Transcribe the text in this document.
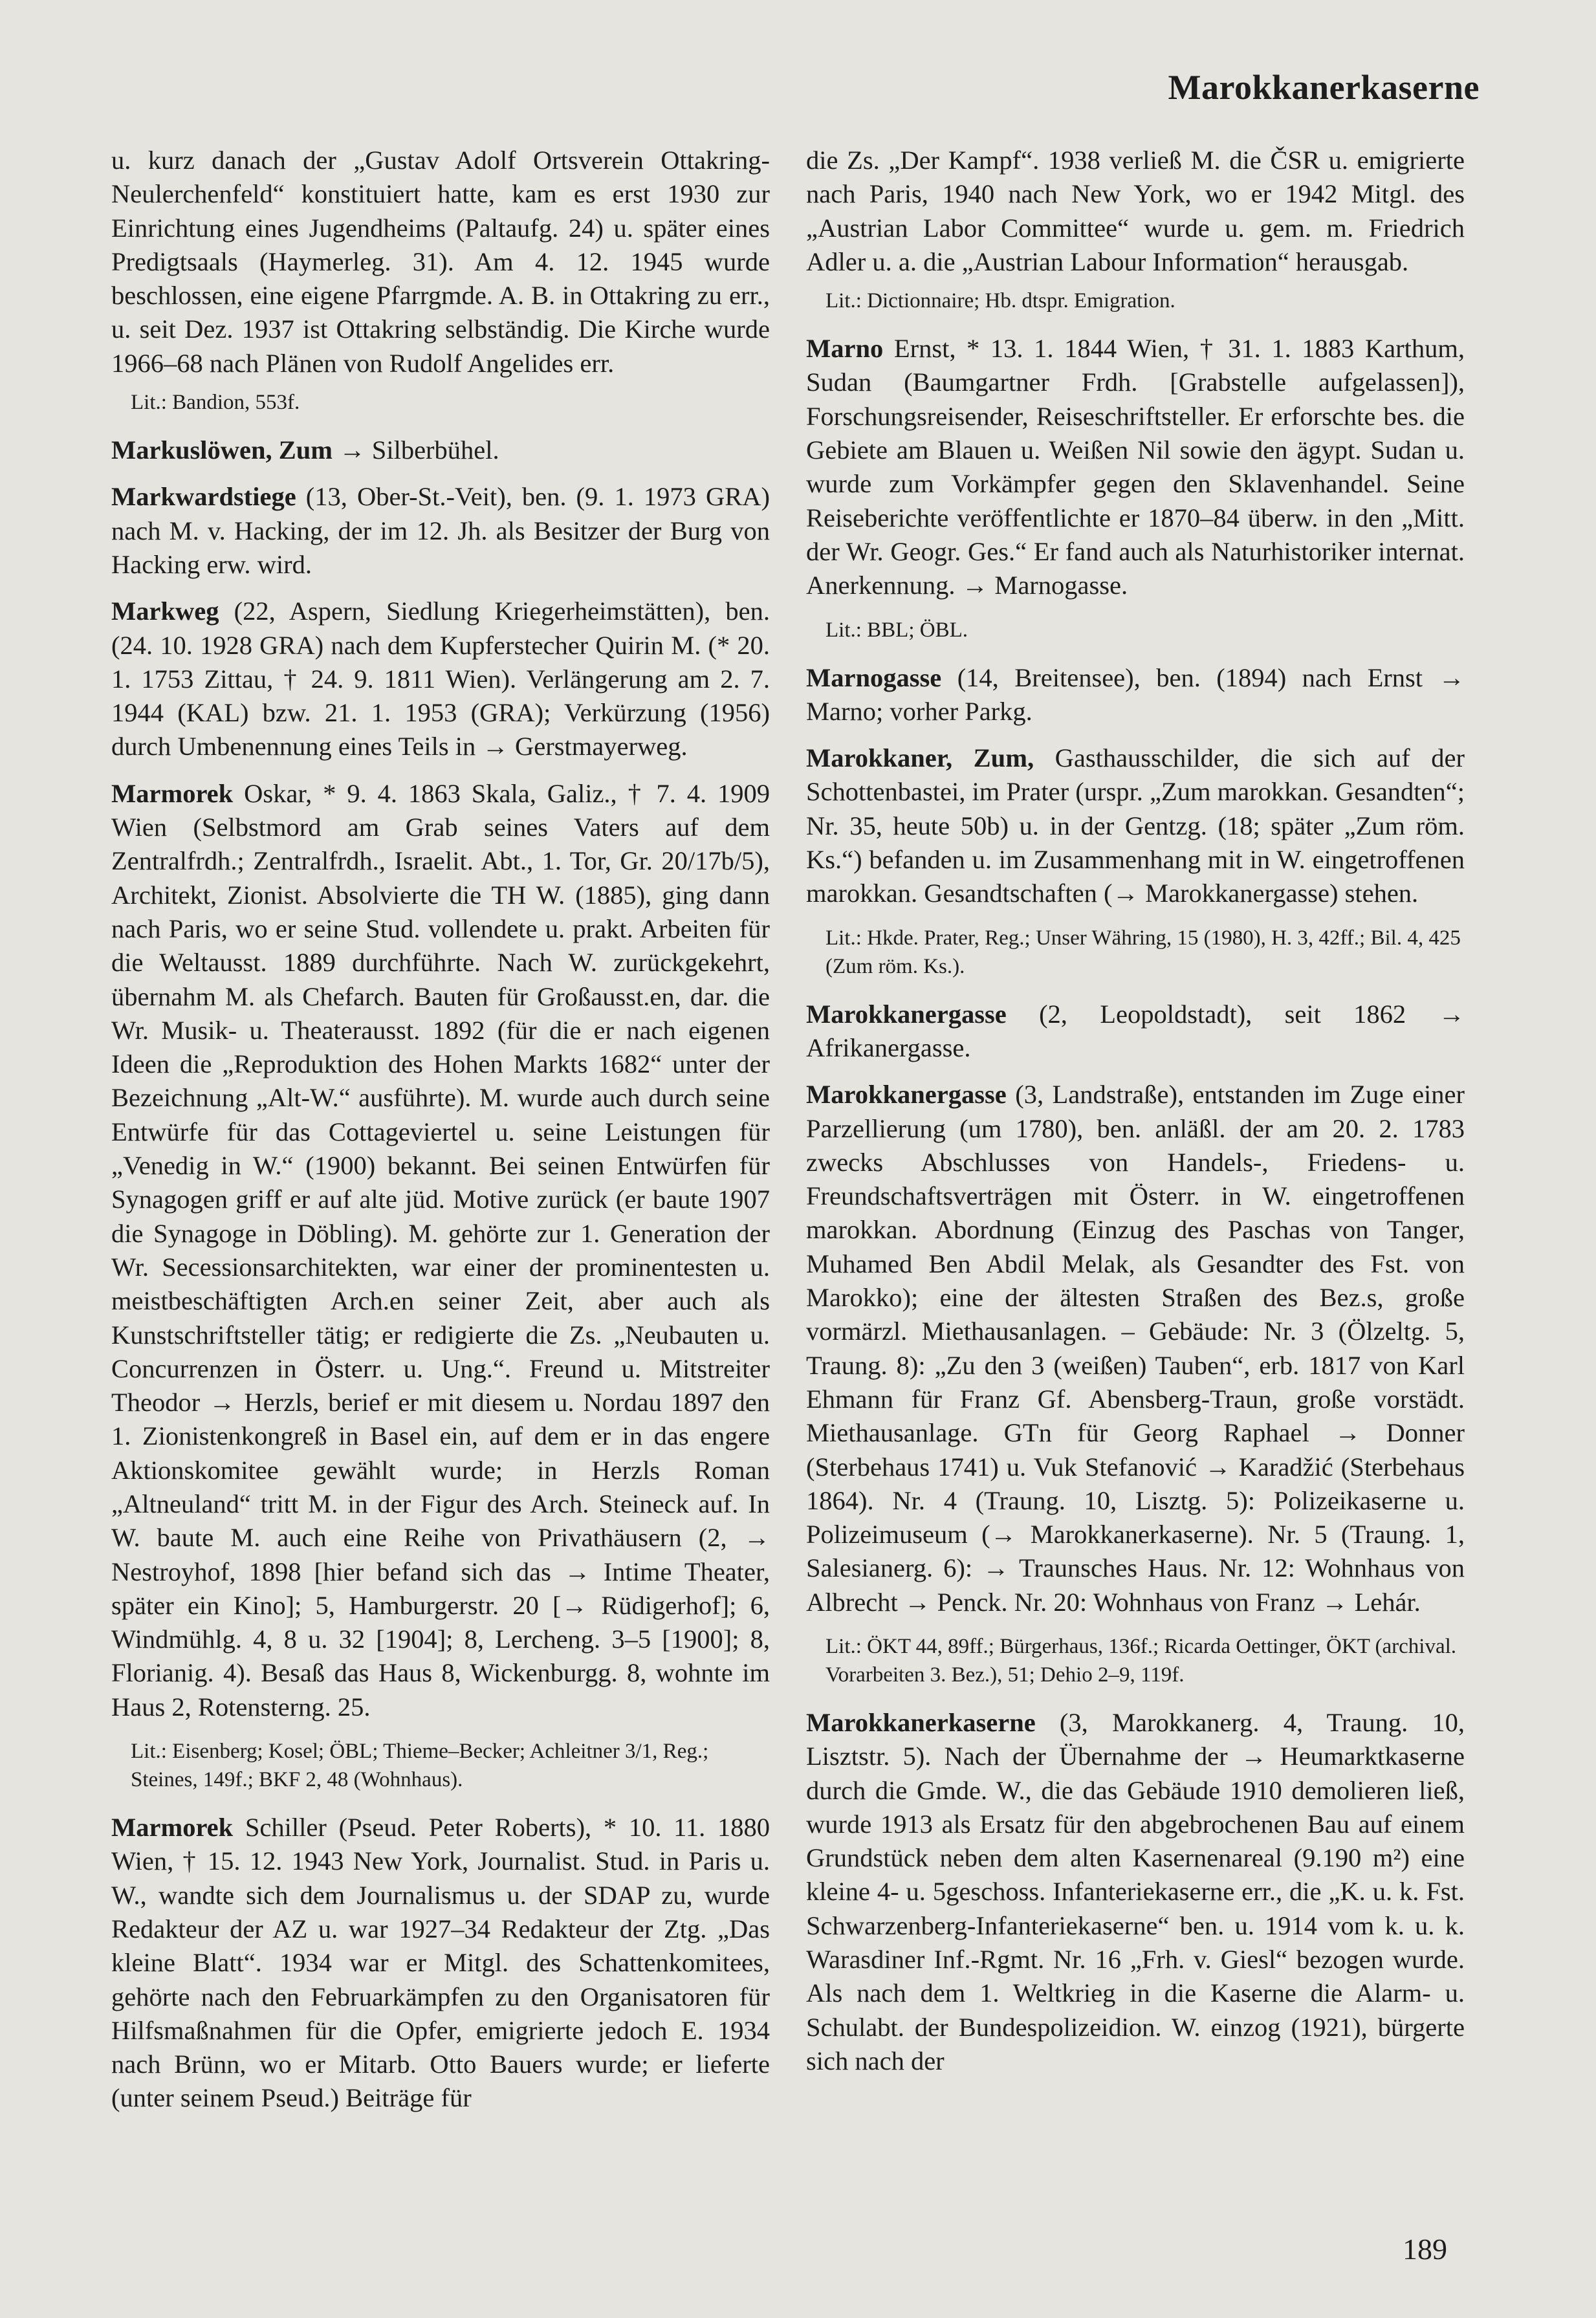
Marokkanerkaserne
u. kurz danach der „Gustav Adolf Ortsverein Ottakring-Neulerchenfeld“ konstituiert hatte, kam es erst 1930 zur Einrichtung eines Jugendheims (Paltaufg. 24) u. später eines Predigtsaals (Haymerleg. 31). Am 4. 12. 1945 wurde beschlossen, eine eigene Pfarrgmde. A. B. in Ottakring zu err., u. seit Dez. 1937 ist Ottakring selbständig. Die Kirche wurde 1966–68 nach Plänen von Rudolf Angelides err.
Lit.: Bandion, 553f.
Markuslöwen, Zum → Silberbühel.
Markwardstiege (13, Ober-St.-Veit), ben. (9. 1. 1973 GRA) nach M. v. Hacking, der im 12. Jh. als Besitzer der Burg von Hacking erw. wird.
Markweg (22, Aspern, Siedlung Kriegerheimstätten), ben. (24. 10. 1928 GRA) nach dem Kupferstecher Quirin M. (* 20. 1. 1753 Zittau, † 24. 9. 1811 Wien). Verlängerung am 2. 7. 1944 (KAL) bzw. 21. 1. 1953 (GRA); Verkürzung (1956) durch Umbenennung eines Teils in → Gerstmayerweg.
Marmorek Oskar, * 9. 4. 1863 Skala, Galiz., † 7. 4. 1909 Wien (Selbstmord am Grab seines Vaters auf dem Zentralfrdh.; Zentralfrdh., Israelit. Abt., 1. Tor, Gr. 20/17b/5), Architekt, Zionist. Absolvierte die TH W. (1885), ging dann nach Paris, wo er seine Stud. vollendete u. prakt. Arbeiten für die Weltausst. 1889 durchführte. Nach W. zurückgekehrt, übernahm M. als Chefarch. Bauten für Großausst.en, dar. die Wr. Musik- u. Theaterausst. 1892 (für die er nach eigenen Ideen die „Reproduktion des Hohen Markts 1682“ unter der Bezeichnung „Alt-W.“ ausführte). M. wurde auch durch seine Entwürfe für das Cottageviertel u. seine Leistungen für „Venedig in W.“ (1900) bekannt. Bei seinen Entwürfen für Synagogen griff er auf alte jüd. Motive zurück (er baute 1907 die Synagoge in Döbling). M. gehörte zur 1. Generation der Wr. Secessionsarchitekten, war einer der prominentesten u. meistbeschäftigten Arch.en seiner Zeit, aber auch als Kunstschriftsteller tätig; er redigierte die Zs. „Neubauten u. Concurrenzen in Österr. u. Ung.“. Freund u. Mitstreiter Theodor → Herzls, berief er mit diesem u. Nordau 1897 den 1. Zionistenkongreß in Basel ein, auf dem er in das engere Aktionskomitee gewählt wurde; in Herzls Roman „Altneuland“ tritt M. in der Figur des Arch. Steineck auf. In W. baute M. auch eine Reihe von Privathäusern (2, → Nestroyhof, 1898 [hier befand sich das → Intime Theater, später ein Kino]; 5, Hamburgerstr. 20 [→ Rüdigerhof]; 6, Windmühlg. 4, 8 u. 32 [1904]; 8, Lercheng. 3–5 [1900]; 8, Florianig. 4). Besaß das Haus 8, Wickenburgg. 8, wohnte im Haus 2, Rotensterng. 25.
Lit.: Eisenberg; Kosel; ÖBL; Thieme–Becker; Achleitner 3/1, Reg.; Steines, 149f.; BKF 2, 48 (Wohnhaus).
Marmorek Schiller (Pseud. Peter Roberts), * 10. 11. 1880 Wien, † 15. 12. 1943 New York, Journalist. Stud. in Paris u. W., wandte sich dem Journalismus u. der SDAP zu, wurde Redakteur der AZ u. war 1927–34 Redakteur der Ztg. „Das kleine Blatt“. 1934 war er Mitgl. des Schattenkomitees, gehörte nach den Februarkämpfen zu den Organisatoren für Hilfsmaßnahmen für die Opfer, emigrierte jedoch E. 1934 nach Brünn, wo er Mitarb. Otto Bauers wurde; er lieferte (unter seinem Pseud.) Beiträge für
die Zs. „Der Kampf“. 1938 verließ M. die ČSR u. emigrierte nach Paris, 1940 nach New York, wo er 1942 Mitgl. des „Austrian Labor Committee“ wurde u. gem. m. Friedrich Adler u. a. die „Austrian Labour Information“ herausgab.
Lit.: Dictionnaire; Hb. dtspr. Emigration.
Marno Ernst, * 13. 1. 1844 Wien, † 31. 1. 1883 Karthum, Sudan (Baumgartner Frdh. [Grabstelle aufgelassen]), Forschungsreisender, Reiseschriftsteller. Er erforschte bes. die Gebiete am Blauen u. Weißen Nil sowie den ägypt. Sudan u. wurde zum Vorkämpfer gegen den Sklavenhandel. Seine Reiseberichte veröffentlichte er 1870–84 überw. in den „Mitt. der Wr. Geogr. Ges.“ Er fand auch als Naturhistoriker internat. Anerkennung. → Marnogasse.
Lit.: BBL; ÖBL.
Marnogasse (14, Breitensee), ben. (1894) nach Ernst → Marno; vorher Parkg.
Marokkaner, Zum, Gasthausschilder, die sich auf der Schottenbastei, im Prater (urspr. „Zum marokkan. Gesandten“; Nr. 35, heute 50b) u. in der Gentzg. (18; später „Zum röm. Ks.“) befanden u. im Zusammenhang mit in W. eingetroffenen marokkan. Gesandtschaften (→ Marokkanergasse) stehen.
Lit.: Hkde. Prater, Reg.; Unser Währing, 15 (1980), H. 3, 42ff.; Bil. 4, 425 (Zum röm. Ks.).
Marokkanergasse (2, Leopoldstadt), seit 1862 → Afrikanergasse.
Marokkanergasse (3, Landstraße), entstanden im Zuge einer Parzellierung (um 1780), ben. anläßl. der am 20. 2. 1783 zwecks Abschlusses von Handels-, Friedens- u. Freundschaftsverträgen mit Österr. in W. eingetroffenen marokkan. Abordnung (Einzug des Paschas von Tanger, Muhamed Ben Abdil Melak, als Gesandter des Fst. von Marokko); eine der ältesten Straßen des Bez.s, große vormärzl. Miethausanlagen. – Gebäude: Nr. 3 (Ölzeltg. 5, Traung. 8): „Zu den 3 (weißen) Tauben“, erb. 1817 von Karl Ehmann für Franz Gf. Abensberg-Traun, große vorstädt. Miethausanlage. GTn für Georg Raphael → Donner (Sterbehaus 1741) u. Vuk Stefanović → Karadžić (Sterbehaus 1864). Nr. 4 (Traung. 10, Lisztg. 5): Polizeikaserne u. Polizeimuseum (→ Marokkanerkaserne). Nr. 5 (Traung. 1, Salesianerg. 6): → Traunsches Haus. Nr. 12: Wohnhaus von Albrecht → Penck. Nr. 20: Wohnhaus von Franz → Lehár.
Lit.: ÖKT 44, 89ff.; Bürgerhaus, 136f.; Ricarda Oettinger, ÖKT (archival. Vorarbeiten 3. Bez.), 51; Dehio 2–9, 119f.
Marokkanerkaserne (3, Marokkanerg. 4, Traung. 10, Lisztstr. 5). Nach der Übernahme der → Heumarktkaserne durch die Gmde. W., die das Gebäude 1910 demolieren ließ, wurde 1913 als Ersatz für den abgebrochenen Bau auf einem Grundstück neben dem alten Kasernenareal (9.190 m²) eine kleine 4- u. 5geschoss. Infanteriekaserne err., die „K. u. k. Fst. Schwarzenberg-Infanteriekaserne“ ben. u. 1914 vom k. u. k. Warasdiner Inf.-Rgmt. Nr. 16 „Frh. v. Giesl“ bezogen wurde. Als nach dem 1. Weltkrieg in die Kaserne die Alarm- u. Schulabt. der Bundespolizeidion. W. einzog (1921), bürgerte sich nach der
189
